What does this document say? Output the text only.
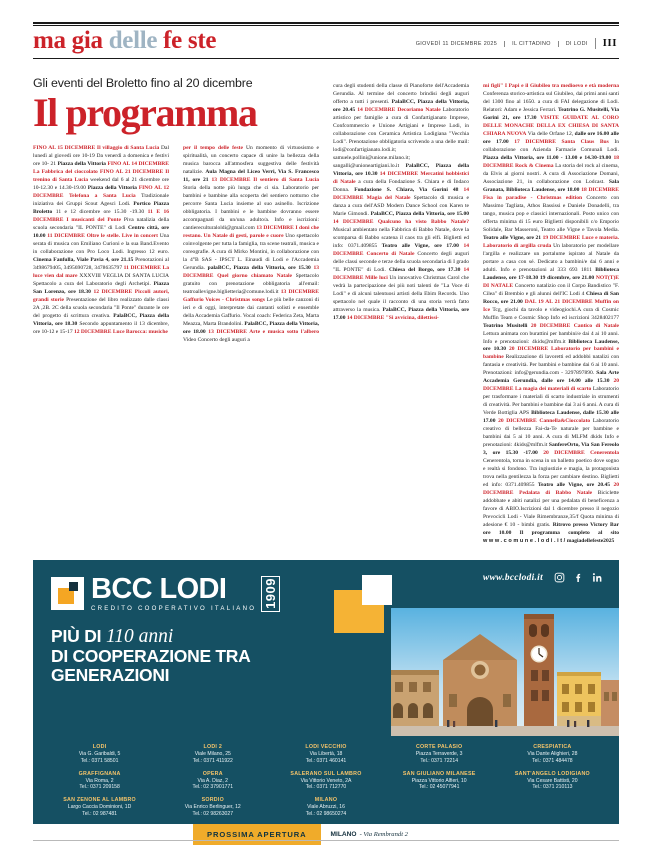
ma gia delle fe ste	GIOVEDÌ 11 DICEMBRE 2025	IL CITTADINO	DI LODI	III
Gli eventi del Broletto fino al 20 dicembre
Il programma
FINO AL 15 DICEMBRE Il villaggio di Santa Lucia Dal lunedì al giovedì ore 10-19 Da venerdì a domenica e festivi ore 10- 21 Piazza della Vittoria FINO AL 14 DICEMBRE La Fabbrica del cioccolato FINO AL 21 DICEMBRE Il trenino di Santa Lucia weekend dal 6 al 21 dicembre ore 10-12.30 e 14.30-19.00 Piazza della Vittoria FINO AL 12 DICEMBRE Telefona a Santa Lucia Tradizionale iniziativa dei Gruppi Scout Agesci Lodi. Portico Piazza Broletto 11 e 12 dicembre ore 15.30 -19.30 11 E 16 DICEMBRE I musicanti del Ponte Piva natalizia della scuola secondaria "IL PONTE" di Lodi Centro città, ore 10.00 11 DICEMBRE Oltre le stelle. Live in concert Una serata di musica con Emiliano Curioni e la sua Band.Evento in collaborazione con Pro Loco Lodi. Ingresso 12 euro. Cinema Fanfulla, Viale Pavia 4, ore 21.15 Prenotazioni al 3498679405, 3495690728, 3478635797 11 DICEMBRE La luce vien dal mare XXXVIII VEGLIA DI SANTA LUCIA Spettacolo a cura del Laboratorio degli Archetipi. Piazza San Lorenzo, ore 18.30 12 DICEMBRE Piccoli autori, grandi storie Presentazione del libro realizzato dalle classi 2A ,2B. 2C della scuola secondaria "Il Ponte" durante le ore del progetto di scrittura creativa. PalaBCC, Piazza della Vittoria, ore 18.30 Secondo appuntamento il 13 dicembre, ore 10-12 e 15-17 12 DICEMBRE Luce Barocca: musiche
per il tempo delle feste Un momento di virtuosismo e spiritualità, un concerto capace di unire la bellezza della musica barocca all'atmosfera suggestiva delle festività natalizie. Aula Magna del Liceo Verri, Via S. Francesco 11, ore 21 13 DICEMBRE Il sentiero di Santa Lucia Storia della notte più lunga che ci sia. Laboratorio per bambini e bambine alla scoperta del sentiero notturno che percorre Santa Lucia insieme al suo asinello. Iscrizione obbligatoria. I bambini e le bambine dovranno essere accompagnati da un/una adulto/a. Info e iscrizioni: cantiereculturaloldi@gmail.com 13 DICEMBRE I doni che restano. Un Natale di gesti, parole e cuore Uno spettacolo coinvolgente per tutta la famiglia, tra scene teatrali, musica e coreografie. A cura di Mirko Montini, in collaborazione con la 4°B SAS - IPSCT L. Einaudi di Lodi e l'Accademia Gerundia. palaBCC, Piazza della Vittoria, ore 15.30 13 DICEMBRE Quel giorno chiamato Natale Spettacolo gratuito con prenotazione obbligatoria all'email: teatroallevigne.biglietteria@comune.lodi.it 13 DICEMBRE Gaffurio Voices - Christmas songs Le più belle canzoni di ieri e di oggi, interpretate dai cantanti solisti e ensemble della Accademia Gaffurio. Vocal coach: Federica Zeta, Marta Meazza, Marta Brandolini. PalaBCC, Piazza della Vittoria, ore 18.00 13 DICEMBRE Arte e musica sotto l'albero Video Concerto degli auguri a
cura degli studenti della classe di Pianoforte dell'Accademia Gerundia. Al termine del concerto brindisi degli auguri offerto a tutti i presenti. PalaBCC, Piazza della Vittoria, ore 20.45 14 DICEMBRE Decoriamo Natale Laboratorio artistico per famiglie a cura di Confartigianato Imprese, Confcommercio e Unione Artigiani e Imprese Lodi, in collaborazione con Ceramica Artistica Lodigiana "Vecchia Lodi". Prenotazione obbligatoria scrivendo a una delle mail: lodi@confartigianato.lodi.it; samuele.pollini@unione.milano.it; sangalli@unioneartigiani.lo.it PalaBCC, Piazza della Vittoria, ore 10.30 14 DICEMBRE Mercatini hobbistici di Natale a cura della Fondazione S. Chiara e di Indaco Donna. Fondazione S. Chiara, Via Gorini 48 14 DICEMBRE Magia del Natale Spettacolo di musica e danza a cura dell'ASD Modern Dance School con Karen te Marie Gimondi. PalaBCC, Piazza della Vittoria, ore 15.00 14 DICEMBRE Qualcuno ha visto Babbo Natale? Musical ambientato nella Fabbrica di Babbo Natale, dove la scomparsa di Babbo scatena il caos tra gli elfi. Biglietti ed info: 0371.409855 Teatro alle Vigne, ore 17.00 14 DICEMBRE Concerto di Natale Concerto degli auguri delle classi seconde e terze della scuola secondaria di I grado "IL PONTE" di Lodi. Chiesa del Borgo, ore 17.30 14 DICEMBRE Mille luci Un innovativo Christmas Carol che vedrà la partecipazione dei più noti talenti de "La Voce di Lodi" e di alcuni talentuosi artisti della Ebim Records. Uno spettacolo nel quale il racconto di una storia verrà fatto attraverso la musica. PalaBCC, Piazza della Vittoria, ore 17.00 14 DICEMBRE "Si avvicina, dilettissi-
mi figli" I Papi e il Giubileo tra medioevo e età moderna Conferenza storico-artistica sul Giubileo, dai primi anni santi del 1300 fino al 1650. a cura di FAI delegazione di Lodi. Relatori: Adam e Jessica Ferrari. Teatrino G. Musitelli, Via Gorini 21, ore 17.30 VISITE GUIDATE AL CORO DELLE MONACHE DELLA EX CHIESA DI SANTA CHIARA NUOVA Via delle Orfane 12, dalle ore 16.00 alle ore 17.00 17 DICEMBRE Santa Claus Bus In collaborazione con Azienda Farmacie Comunali Lodi. Piazza della Vittoria, ore 11.00 - 13.00 e 14.30-19.00 18 DICEMBRE Rock & Cinema La storia del rock al cinema, da Elvis ai giorni nostri. A cura di Associazione Domani, Associazione 21, in collaborazione con Lodcast. Sala Granata, Biblioteca Laudense, ore 18.00 18 DICEMBRE Fisa in paradise - Christmas edition Concerto con Massimo Tagliata, Athos Bassissi e Daniele Donadelli, tra tango, musica pop e classici internazionali. Posto unico con offerta minima di 15 euro Biglietti disponibili c/o Emporio Solidale, Bar Masseroni, Teatro alle Vigne e Tavola Media. Teatro alle Vigne, ore 21 19 DICEMBRE Luce e materia. Laboratorio di argilla cruda Un laboratorio per modellare l'argilla e realizzare un portalume ispirato al Natale da portare a casa con sé. Dedicato a bambini/e dai 6 anni e adulti. Info e prenotazioni al 333 693 1811 Biblioteca Laudense, ore 17-18.30 19 dicembre, ore 21.00 NOT(T)E DI NATALE Concerto natalizio con il Corpo Bandistico "F. Cilea" di Brembio e gli alunni dell'IC Lodi 4 Chiesa di San Rocco, ore 21.00 DAL 19 AL 21 DICEMBRE Muffin on Ice Tcg, giochi da tavolo e videogiochi.A cura di Cosmic Muffin Team e Cosmic Shop Info ed iscrizioni 3428402177 Teatrino Musitelli 20 DICEMBRE Cantico di Natale Lettura animata con burattini per bambini/e dai 4 ai 10 anni. Info e prenotazioni: 4kids@mlfm.it Biblioteca Laudense, ore 10.30 20 DICEMBRE Laboratorio per bambini e bambine Realizzazione di lavoretti ed addobbi natalizi con fantasia e creatività. Per bambini e bambine dai 6 ai 10 anni. Prenotazioni: info@gerundia.com - 3297897890. Sala Arte Accademia Gerundia, dalle ore 14.00 alle 15.30 20 DICEMBRE La magia dei materiali di scarto Laboratorio per trasformare i materiali di scarto industriale in strumenti di creatività. Per bambini e bambine dai 3 ai 6 anni. A cura di Verde Bottiglia APS Biblioteca Laudense, dalle 15.30 alle 17.00 20 DICEMBRE Cannella&Cioccolato Laboratorio creativo di bellezza Fai-da-Te naturale per bambine e bambini dai 5 ai 10 anni. A cura di MLFM 4kids Info e prenotazioni: 4kids@mlfm.it SanfereOrto, Via San Fereolo 3, ore 15.30 -17.00 20 DICEMBRE Cenerentola Cenerentola, torna in scena in un balletto poetico dove sogno e realtà si fondono. Tra ingiustizie e magia, la protagonista trova nella gentilezza la forza per cambiare destino. Biglietti ed info: 0371.409855 Teatro alle Vigne, ore 20.45 20 DICEMBRE Pedalata di Babbo Natale Biciclette addobbate e abiti natalizi per una pedalata di beneficenza a favore di ABIO.Iscrizioni dal 1 dicembre presso il negozio Prevocicli Lodi - Viale Rimembranze,35/f Quota minima di adesione € 10 - bimbi gratis. Ritrovo presso Victory Bar ore 10.00 Il programma completo al sito www.comune.lodi.it/magiadellefeste2025
www.bcclodi.it
BCC LODI
CREDITO COOPERATIVO ITALIANO 1909
PIÙ DI 110 anni
DI COOPERAZIONE TRA
GENERAZIONI
LODI
Via G. Garibaldi, 5
Tel.: 0371 58501
LODI 2
Viale Milano, 25
Tel.: 0371 411922
LODI VECCHIO
Via Libertà, 18
Tel.: 0371 460141
CORTE PALASIO
Piazza Terraverde, 3
Tel.: 0371 72214
CRESPIATICA
Via Dante Alighieri, 28
Tel.: 0371 484478
GRAFFIGNANA
Via Roma, 2
Tel.: 0371 209158
OPERA
Via A. Diaz, 2
Tel.: 02 37901771
SALERANO SUL LAMBRO
Via Vittorio Veneto, 2A
Tel.: 0371 712770
SAN GIULIANO MILANESE
Piazza Vittorio Alfieri, 10
Tel.: 02 45077941
SANT'ANGELO LODIGIANO
Via Cesare Battisti, 20
Tel.: 0371 210113
SAN ZENONE AL LAMBRO
Largo Caccia Dominioni, 1D
Tel.: 02 987481
SORDIO
Via Enrico Berlinguer, 12
Tel.: 02 98263027
MILANO
Viale Abruzzi, 16
Tel.: 02 98650274
PROSSIMA APERTURA	MILANO - Via Rembrandt 2
